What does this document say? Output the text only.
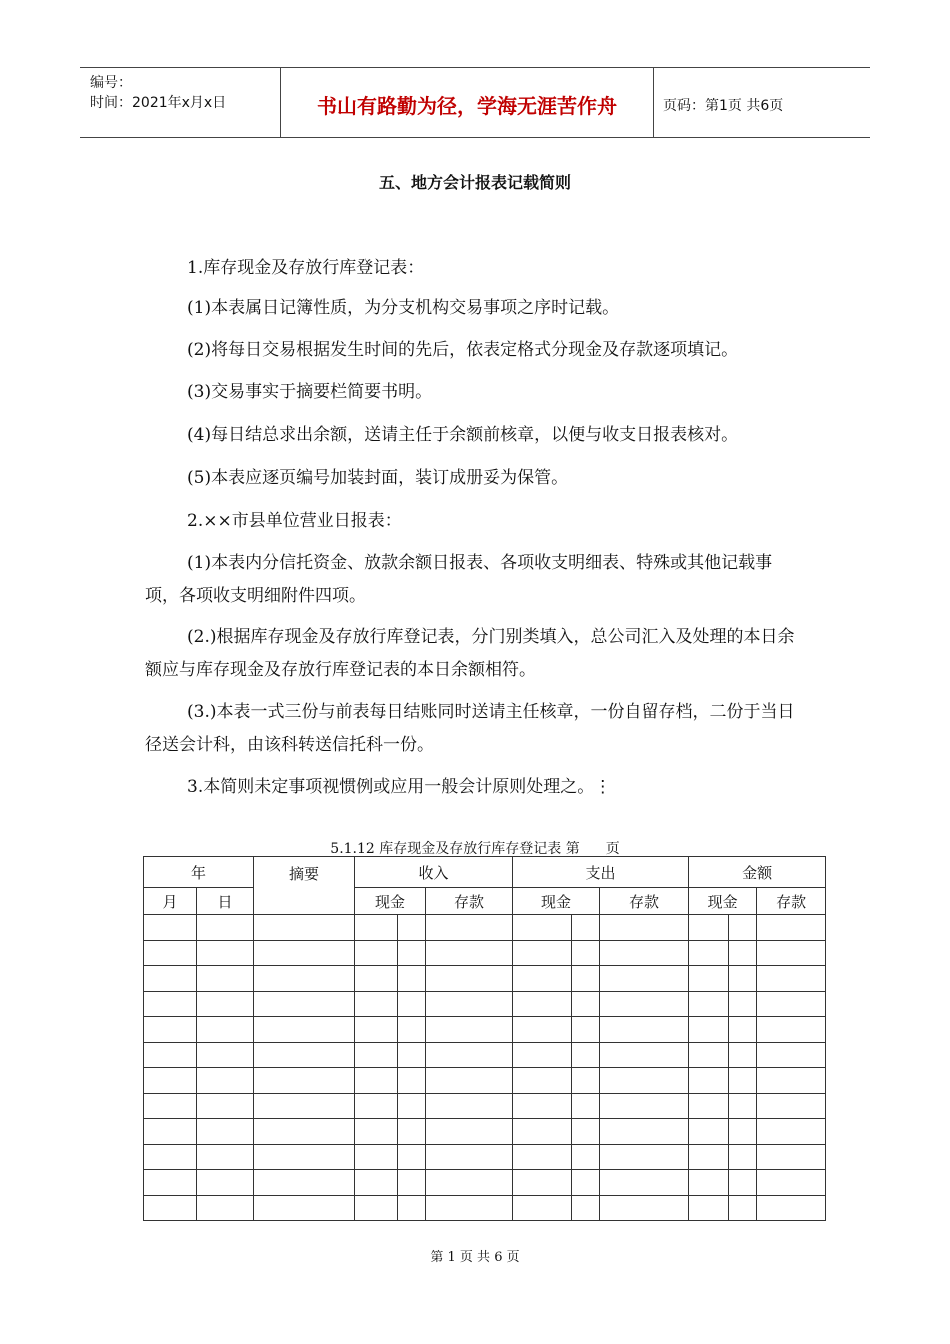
编号：
时间：2021年x月x日	书山有路勤为径，学海无涯苦作舟	页码：第1页 共6页
五、地方会计报表记载简则
1.库存现金及存放行库登记表：
(1)本表属日记簿性质，为分支机构交易事项之序时记载。
(2)将每日交易根据发生时间的先后，依表定格式分现金及存款逐项填记。
(3)交易事实于摘要栏简要书明。
(4)每日结总求出余额，送请主任于余额前核章，以便与收支日报表核对。
(5)本表应逐页编号加装封面，装订成册妥为保管。
2.××市县单位营业日报表：
(1)本表内分信托资金、放款余额日报表、各项收支明细表、特殊或其他记载事项，各项收支明细附件四项。
(2.)根据库存现金及存放行库登记表，分门别类填入，总公司汇入及处理的本日余额应与库存现金及存放行库登记表的本日余额相符。
(3.)本表一式三份与前表每日结账同时送请主任核章，一份自留存档，二份于当日径送会计科，由该科转送信托科一份。
3.本简则未定事项视惯例或应用一般会计原则处理之。⋮
5.1.12 库存现金及存放行库存登记表 第 页
年		摘要	收入			支出			金额		
月	日		现金		存款	现金		存款	现金		存款

第 1 页 共 6 页
